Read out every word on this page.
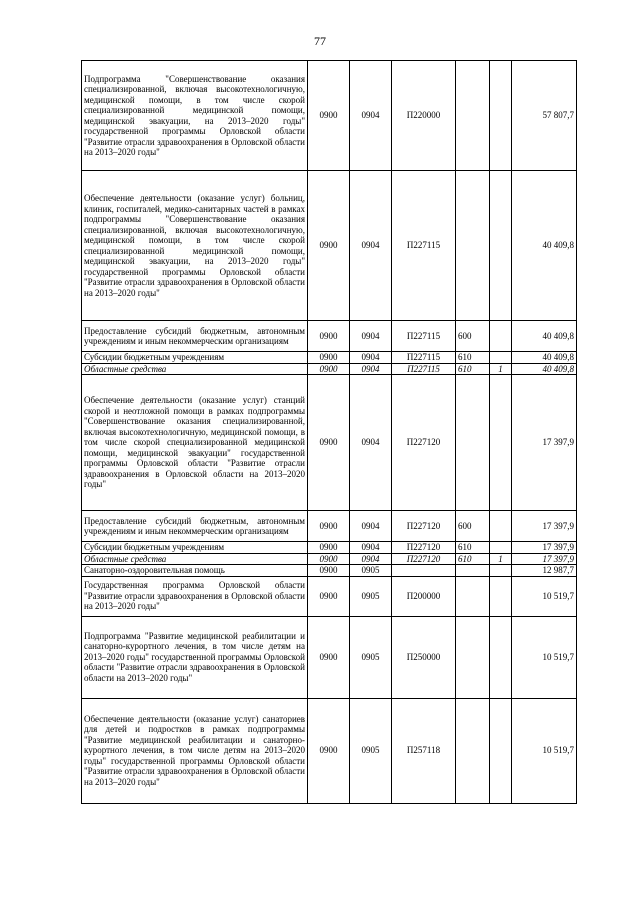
77
Подпрограмма "Совершенствование оказания специализированной, включая высокотехнологичную, медицинской помощи, в том числе скорой специализированной медицинской помощи, медицинской эвакуации, на 2013–2020 годы" государственной программы Орловской области "Развитие отрасли здравоохранения в Орловской области на 2013–2020 годы"	0900	0904	П220000			57 807,7
Обеспечение деятельности (оказание услуг) больниц, клиник, госпиталей, медико-санитарных частей в рамках подпрограммы "Совершенствование оказания специализированной, включая высокотехнологичную, медицинской помощи, в том числе скорой специализированной медицинской помощи, медицинской эвакуации, на 2013–2020 годы" государственной программы Орловской области "Развитие отрасли здравоохранения в Орловской области на 2013–2020 годы"	0900	0904	П227115			40 409,8
Предоставление субсидий бюджетным, автономным учреждениям и иным некоммерческим организациям	0900	0904	П227115	600		40 409,8
Субсидии бюджетным учреждениям	0900	0904	П227115	610		40 409,8
Областные средства	0900	0904	П227115	610	1	40 409,8
Обеспечение деятельности (оказание услуг) станций скорой и неотложной помощи в рамках подпрограммы "Совершенствование оказания специализированной, включая высокотехнологичную, медицинской помощи, в том числе скорой специализированной медицинской помощи, медицинской эвакуации" государственной программы Орловской области "Развитие отрасли здравоохранения в Орловской области на 2013–2020 годы"	0900	0904	П227120			17 397,9
Предоставление субсидий бюджетным, автономным учреждениям и иным некоммерческим организациям	0900	0904	П227120	600		17 397,9
Субсидии бюджетным учреждениям	0900	0904	П227120	610		17 397,9
Областные средства	0900	0904	П227120	610	1	17 397,9
Санаторно-оздоровительная помощь	0900	0905				12 987,7
Государственная программа Орловской области "Развитие отрасли здравоохранения в Орловской области на 2013–2020 годы"	0900	0905	П200000			10 519,7
Подпрограмма "Развитие медицинской реабилитации и санаторно-курортного лечения, в том числе детям на 2013–2020 годы" государственной программы Орловской области "Развитие отрасли здравоохранения в Орловской области на 2013–2020 годы"	0900	0905	П250000			10 519,7
Обеспечение деятельности (оказание услуг) санаториев для детей и подростков в рамках подпрограммы "Развитие медицинской реабилитации и санаторно-курортного лечения, в том числе детям на 2013–2020 годы" государственной программы Орловской области "Развитие отрасли здравоохранения в Орловской области на 2013–2020 годы"	0900	0905	П257118			10 519,7
